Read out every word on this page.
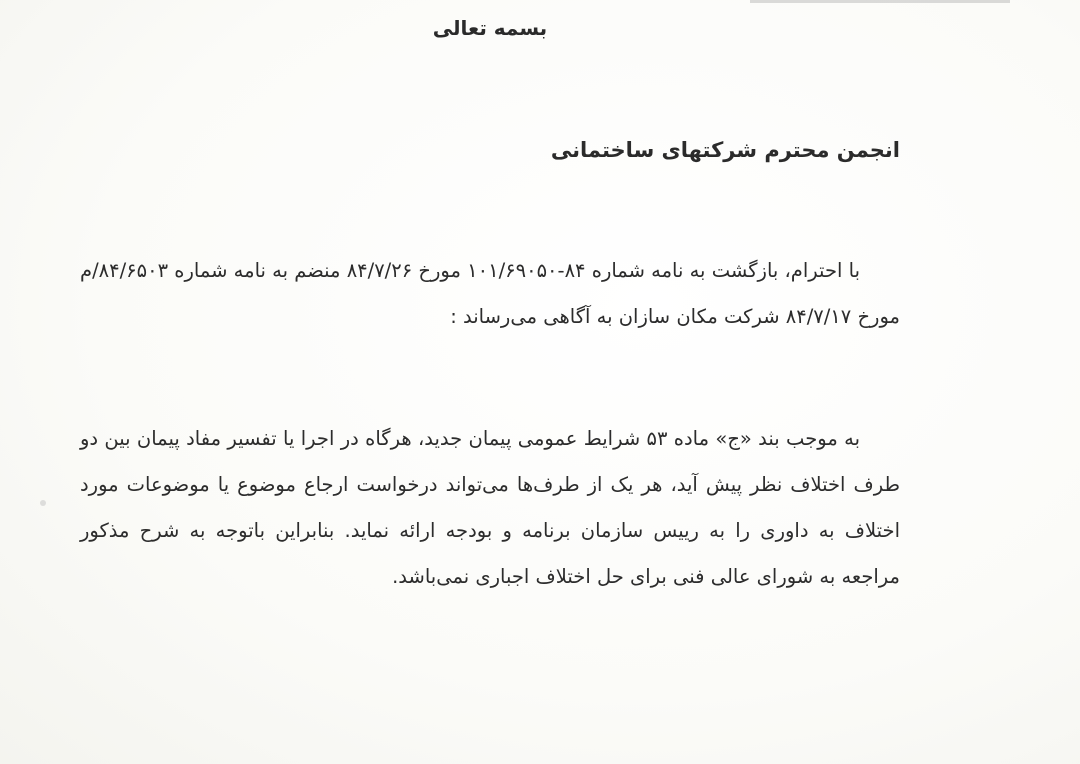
بسمه تعالی
انجمن محترم شرکتهای ساختمانی
با احترام، بازگشت به نامه شماره ۸۴-۱۰۱/۶۹۰۵۰ مورخ ۸۴/۷/۲۶ منضم به نامه شماره ۸۴/۶۵۰۳/م مورخ ۸۴/۷/۱۷ شرکت مکان سازان به آگاهی می‌رساند :
به موجب بند «ج» ماده ۵۳ شرایط عمومی پیمان جدید، هرگاه در اجرا یا تفسیر مفاد پیمان بین دو طرف اختلاف نظر پیش آید، هر یک از طرف‌ها می‌تواند درخواست ارجاع موضوع یا موضوعات مورد اختلاف به داوری را به رییس سازمان برنامه و بودجه ارائه نماید. بنابراین باتوجه به شرح مذکور مراجعه به شورای عالی فنی برای حل اختلاف اجباری نمی‌باشد.
